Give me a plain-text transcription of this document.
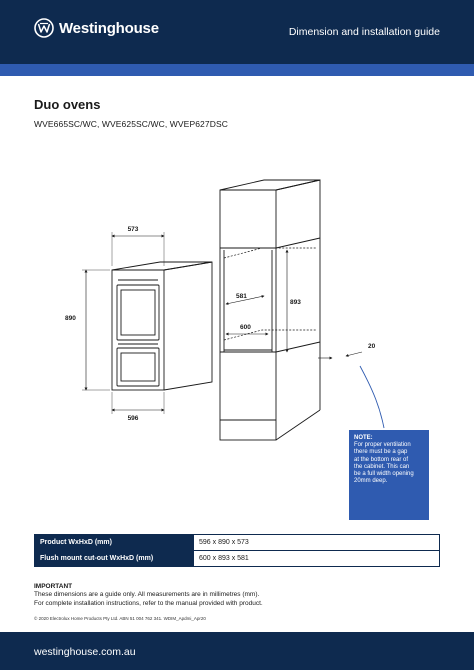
Westinghouse	Dimension and installation guide
Duo ovens
WVE665SC/WC, WVE625SC/WC, WVEP627DSC
573
890
596
581
600
893
20
NOTE:
For proper ventilation
there must be a gap
at the bottom rear of
the cabinet. This can
be a full width opening
20mm deep.
Product WxHxD (mm)	596 x 890 x 573
Flush mount cut-out WxHxD (mm)	600 x 893 x 581
IMPORTANT
These dimensions are a guide only. All measurements are in millimetres (mm).
For complete installation instructions, refer to the manual provided with product.
© 2020 Electrolux Home Products Pty Ltd. ABN 51 004 762 341. WDIM_Apdmi_Apr20
westinghouse.com.au
